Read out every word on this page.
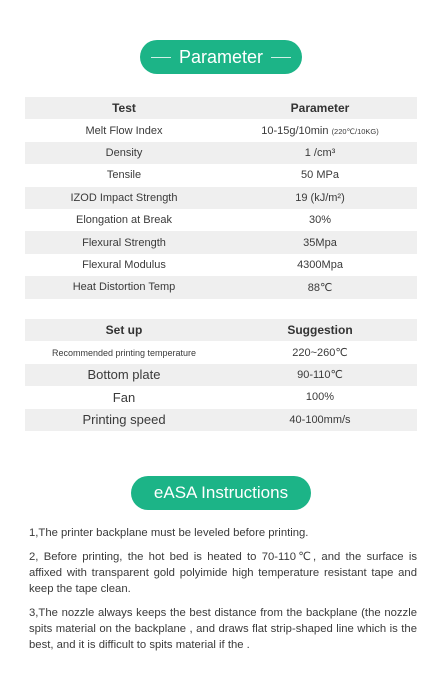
Parameter
Test	Parameter
Melt Flow Index	10-15g/10min (220℃/10KG)
Density	1 /cm³
Tensile	50 MPa
IZOD Impact Strength	19 (kJ/m²)
Elongation at Break	30%
Flexural Strength	35Mpa
Flexural Modulus	4300Mpa
Heat Distortion Temp	88℃
Set up	Suggestion
Recommended printing temperature	220~260℃
Bottom plate	90-110℃
Fan	100%
Printing speed	40-100mm/s
eASA Instructions

1,The printer backplane must be leveled before printing.

2, Before printing, the hot bed is heated to 70-110℃, and the surface is affixed with transparent gold polyimide high temperature resistant tape and keep the tape clean.

3,The nozzle always keeps the best distance from the backplane (the nozzle spits material on the backplane , and draws flat strip-shaped line which is the best, and it is difficult to spits material if the .
